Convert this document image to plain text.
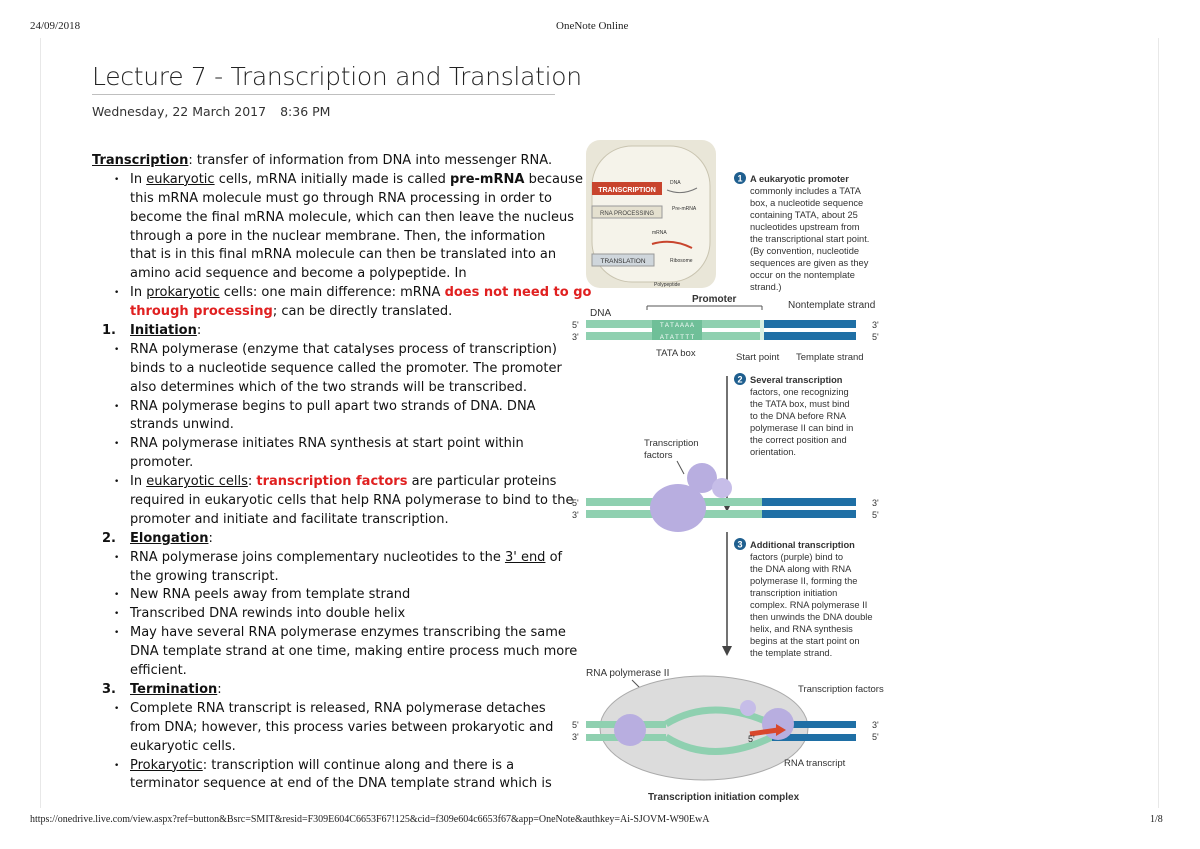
24/09/2018	OneNote Online
https://onedrive.live.com/view.aspx?ref=button&Bsrc=SMIT&resid=F309E604C6653F67!125&cid=f309e604c6653f67&app=OneNote&authkey=Ai-SJOVM-W90EwA	1/8
Lecture 7 - Transcription and Translation
Wednesday, 22 March 2017 8:36 PM
Transcription: transfer of information from DNA into messenger RNA.
• In eukaryotic cells, mRNA initially made is called pre-mRNA because
this mRNA molecule must go through RNA processing in order to
become the final mRNA molecule, which can then leave the nucleus
through a pore in the nuclear membrane. Then, the information
that is in this final mRNA molecule can then be translated into an
amino acid sequence and become a polypeptide. In
• In prokaryotic cells: one main difference: mRNA does not need to go
through processing; can be directly translated.
1. Initiation:
• RNA polymerase (enzyme that catalyses process of transcription)
binds to a nucleotide sequence called the promoter. The promoter
also determines which of the two strands will be transcribed.
• RNA polymerase begins to pull apart two strands of DNA. DNA
strands unwind.
• RNA polymerase initiates RNA synthesis at start point within
promoter.
• In eukaryotic cells: transcription factors are particular proteins
required in eukaryotic cells that help RNA polymerase to bind to the
promoter and initiate and facilitate transcription.
2. Elongation:
• RNA polymerase joins complementary nucleotides to the 3' end of
the growing transcript.
• New RNA peels away from template strand
• Transcribed DNA rewinds into double helix
• May have several RNA polymerase enzymes transcribing the same
DNA template strand at one time, making entire process much more
efficient.
3. Termination:
• Complete RNA transcript is released, RNA polymerase detaches
from DNA; however, this process varies between prokaryotic and
eukaryotic cells.
• Prokaryotic: transcription will continue along and there is a
terminator sequence at end of the DNA template strand which is
TRANSCRIPTION
DNA
RNA PROCESSING
Pre-mRNA
mRNA
TRANSLATION	Ribosome
Polypeptide
1 A eukaryotic promoter
commonly includes a TATA
box, a nucleotide sequence
containing TATA, about 25
nucleotides upstream from
the transcriptional start point.
(By convention, nucleotide
sequences are given as they
occur on the nontemplate
strand.)
Promoter
DNA
Nontemplate strand
5'
3'
T A T A A A A
A T A T T T T
3'
5'
TATA box	Start point Template strand
2 Several transcription
factors, one recognizing
the TATA box, must bind
to the DNA before RNA
polymerase II can bind in
the correct position and
orientation.
Transcription
factors
5'
3'
3'
5'
3 Additional transcription
factors (purple) bind to
the DNA along with RNA
polymerase II, forming the
transcription initiation
complex. RNA polymerase II
then unwinds the DNA double
helix, and RNA synthesis
begins at the start point on
the template strand.
RNA polymerase II
Transcription factors
5'
3'	5'
3'
5'
RNA transcript
Transcription initiation complex
